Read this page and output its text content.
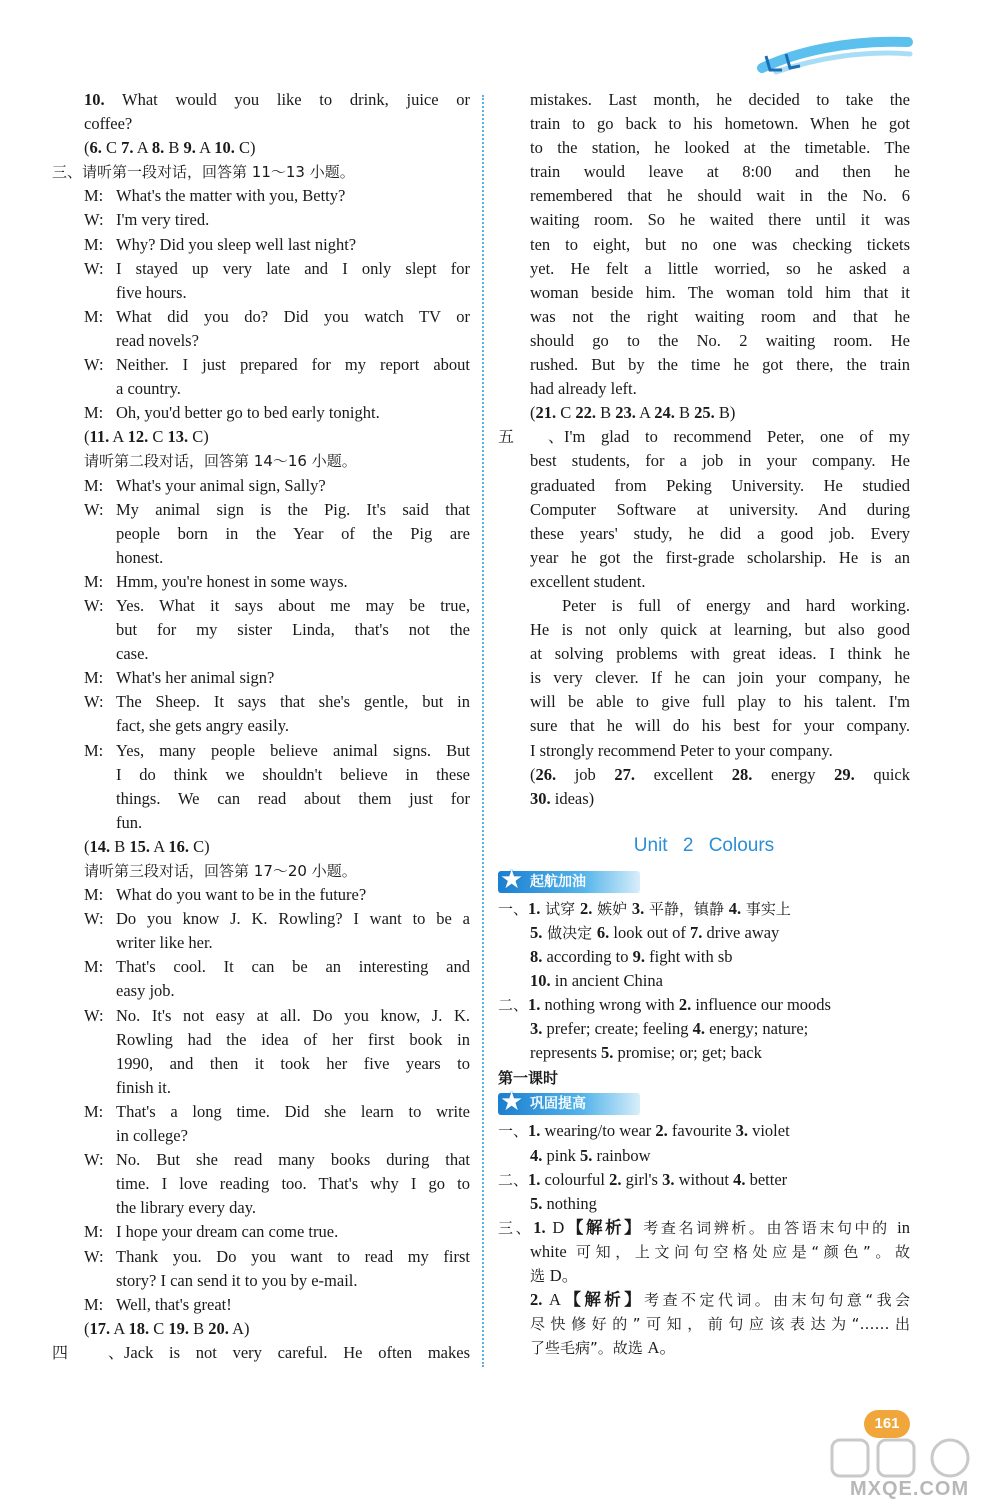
10. What would you like to drink, juice or
coffee?
(6. C 7. A 8. B 9. A 10. C)
三、请听第一段对话，回答第 11～13 小题。
M: What's the matter with you, Betty?
W: I'm very tired.
M: Why? Did you sleep well last night?
W: I stayed up very late and I only slept for
five hours.
M: What did you do? Did you watch TV or
read novels?
W: Neither. I just prepared for my report about
a country.
M: Oh, you'd better go to bed early tonight.
(11. A 12. C 13. C)
请听第二段对话，回答第 14～16 小题。
M: What's your animal sign, Sally?
W: My animal sign is the Pig. It's said that
people born in the Year of the Pig are
honest.
M: Hmm, you're honest in some ways.
W: Yes. What it says about me may be true,
but for my sister Linda, that's not the
case.
M: What's her animal sign?
W: The Sheep. It says that she's gentle, but in
fact, she gets angry easily.
M: Yes, many people believe animal signs. But
I do think we shouldn't believe in these
things. We can read about them just for
fun.
(14. B 15. A 16. C)
请听第三段对话，回答第 17～20 小题。
M: What do you want to be in the future?
W: Do you know J. K. Rowling? I want to be a
writer like her.
M: That's cool. It can be an interesting and
easy job.
W: No. It's not easy at all. Do you know, J. K.
Rowling had the idea of her first book in
1990, and then it took her five years to
finish it.
M: That's a long time. Did she learn to write
in college?
W: No. But she read many books during that
time. I love reading too. That's why I go to
the library every day.
M: I hope your dream can come true.
W: Thank you. Do you want to read my first
story? I can send it to you by e-mail.
M: Well, that's great!
(17. A 18. C 19. B 20. A)
四、Jack is not very careful. He often makes
mistakes. Last month, he decided to take the
train to go back to his hometown. When he got
to the station, he looked at the timetable. The
train would leave at 8:00 and then he
remembered that he should wait in the No. 6
waiting room. So he waited there until it was
ten to eight, but no one was checking tickets
yet. He felt a little worried, so he asked a
woman beside him. The woman told him that it
was not the right waiting room and that he
should go to the No. 2 waiting room. He
rushed. But by the time he got there, the train
had already left.
(21. C 22. B 23. A 24. B 25. B)
五、I'm glad to recommend Peter, one of my
best students, for a job in your company. He
graduated from Peking University. He studied
Computer Software at university. And during
these years' study, he did a good job. Every
year he got the first-grade scholarship. He is an
excellent student.
Peter is full of energy and hard working.
He is not only quick at learning, but also good
at solving problems with great ideas. I think he
is very clever. If he can join your company, he
will be able to give full play to his talent. I'm
sure that he will do his best for your company.
I strongly recommend Peter to your company.
(26. job 27. excellent 28. energy 29. quick
30. ideas)
Unit 2 Colours
★ 起航加油
一、1. 试穿 2. 嫉妒 3. 平静，镇静 4. 事实上
5. 做决定 6. look out of 7. drive away
8. according to 9. fight with sb
10. in ancient China
二、1. nothing wrong with 2. influence our moods
3. prefer; create; feeling 4. energy; nature;
represents 5. promise; or; get; back
第一课时
★ 巩固提高
一、1. wearing/to wear 2. favourite 3. violet
4. pink 5. rainbow
二、1. colourful 2. girl's 3. without 4. better
5. nothing
三、1. D【解析】考查名词辨析。由答语末句中的 in
white 可知，上文问句空格处应是“颜色”。故
选 D。
2. A【解析】考查不定代词。由末句句意“我会
尽快修好的”可知，前句应该表达为“……出
了些毛病”。故选 A。
161
MXQE.COM
